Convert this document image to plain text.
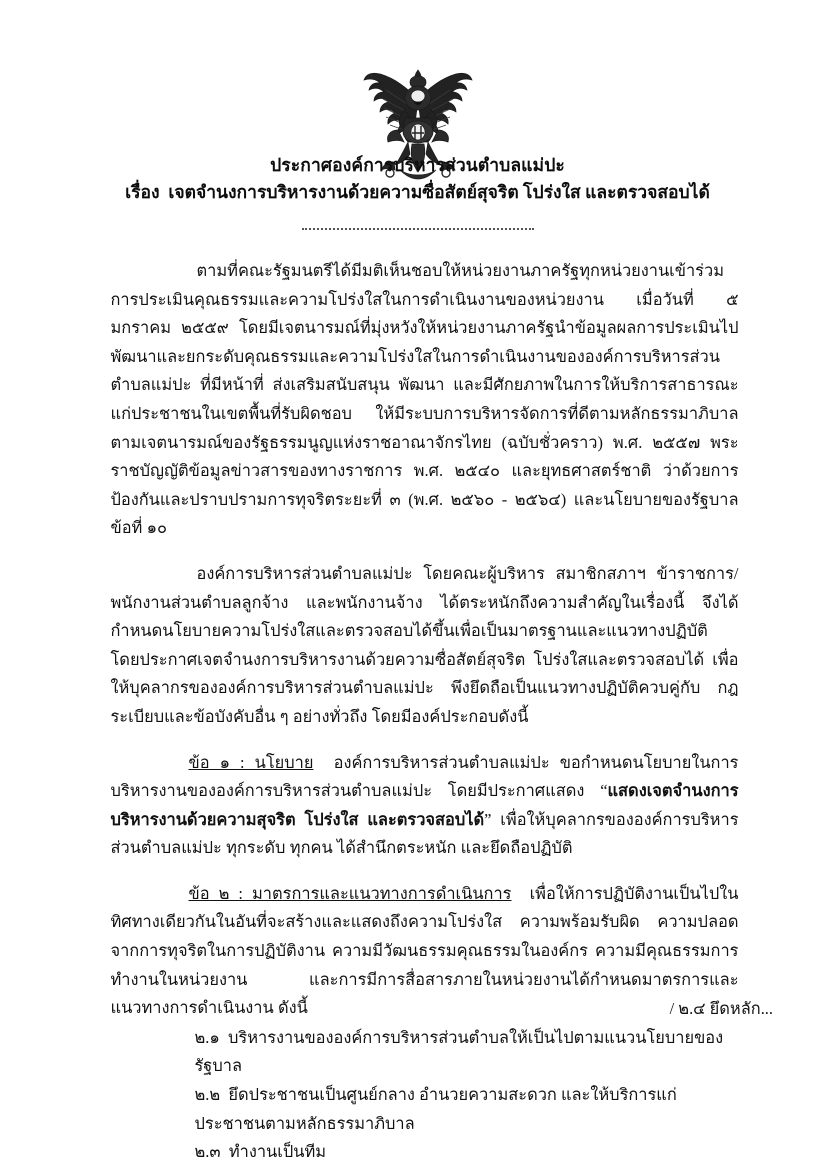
ประกาศองค์การบริหารส่วนตำบลแม่ปะ
เรื่อง เจตจำนงการบริหารงานด้วยความซื่อสัตย์สุจริต โปร่งใส และตรวจสอบได้

ตามที่คณะรัฐมนตรีได้มีมติเห็นชอบให้หน่วยงานภาครัฐทุกหน่วยงานเข้าร่วมการประเมินคุณธรรมและความโปร่งใสในการดำเนินงานของหน่วยงาน เมื่อวันที่ ๕ มกราคม ๒๕๕๙ โดยมีเจตนารมณ์ที่มุ่งหวังให้หน่วยงานภาครัฐนำข้อมูลผลการประเมินไปพัฒนาและยกระดับคุณธรรมและความโปร่งใสในการดำเนินงานขององค์การบริหารส่วนตำบลแม่ปะ ที่มีหน้าที่ ส่งเสริมสนับสนุน พัฒนา และมีศักยภาพในการให้บริการสาธารณะแก่ประชาชนในเขตพื้นที่รับผิดชอบ ให้มีระบบการบริหารจัดการที่ดีตามหลักธรรมาภิบาลตามเจตนารมณ์ของรัฐธรรมนูญแห่งราชอาณาจักรไทย (ฉบับชั่วคราว) พ.ศ. ๒๕๕๗ พระราชบัญญัติข้อมูลข่าวสารของทางราชการ พ.ศ. ๒๕๔๐ และยุทธศาสตร์ชาติ ว่าด้วยการป้องกันและปราบปรามการทุจริตระยะที่ ๓ (พ.ศ. ๒๕๖๐ - ๒๕๖๔) และนโยบายของรัฐบาลข้อที่ ๑๐

องค์การบริหารส่วนตำบลแม่ปะ โดยคณะผู้บริหาร สมาชิกสภาฯ ข้าราชการ/พนักงานส่วนตำบลลูกจ้าง และพนักงานจ้าง ได้ตระหนักถึงความสำคัญในเรื่องนี้ จึงได้กำหนดนโยบายความโปร่งใสและตรวจสอบได้ขึ้นเพื่อเป็นมาตรฐานและแนวทางปฏิบัติ โดยประกาศเจตจำนงการบริหารงานด้วยความซื่อสัตย์สุจริต โปร่งใสและตรวจสอบได้ เพื่อให้บุคลากรขององค์การบริหารส่วนตำบลแม่ปะ พึงยึดถือเป็นแนวทางปฏิบัติควบคู่กับ กฎระเบียบและข้อบังคับอื่น ๆ อย่างทั่วถึง โดยมีองค์ประกอบดังนี้

ข้อ ๑ : นโยบาย องค์การบริหารส่วนตำบลแม่ปะ ขอกำหนดนโยบายในการบริหารงานขององค์การบริหารส่วนตำบลแม่ปะ โดยมีประกาศแสดง “แสดงเจตจำนงการบริหารงานด้วยความสุจริต โปร่งใส และตรวจสอบได้” เพื่อให้บุคลากรขององค์การบริหารส่วนตำบลแม่ปะ ทุกระดับ ทุกคน ได้สำนึกตระหนัก และยึดถือปฏิบัติ

ข้อ ๒ : มาตรการและแนวทางการดำเนินการ เพื่อให้การปฏิบัติงานเป็นไปในทิศทางเดียวกันในอันที่จะสร้างและแสดงถึงความโปร่งใส ความพร้อมรับผิด ความปลอดจากการทุจริตในการปฏิบัติงาน ความมีวัฒนธรรมคุณธรรมในองค์กร ความมีคุณธรรมการทำงานในหน่วยงาน และการมีการสื่อสารภายในหน่วยงานได้กำหนดมาตรการและแนวทางการดำเนินงาน ดังนี้

๒.๑ บริหารงานขององค์การบริหารส่วนตำบลให้เป็นไปตามแนวนโยบายของรัฐบาล
๒.๒ ยึดประชาชนเป็นศูนย์กลาง อำนวยความสะดวก และให้บริการแก่ประชาชนตามหลักธรรมาภิบาล
๒.๓ ทำงานเป็นทีม
/ ๒.๔ ยึดหลัก...
